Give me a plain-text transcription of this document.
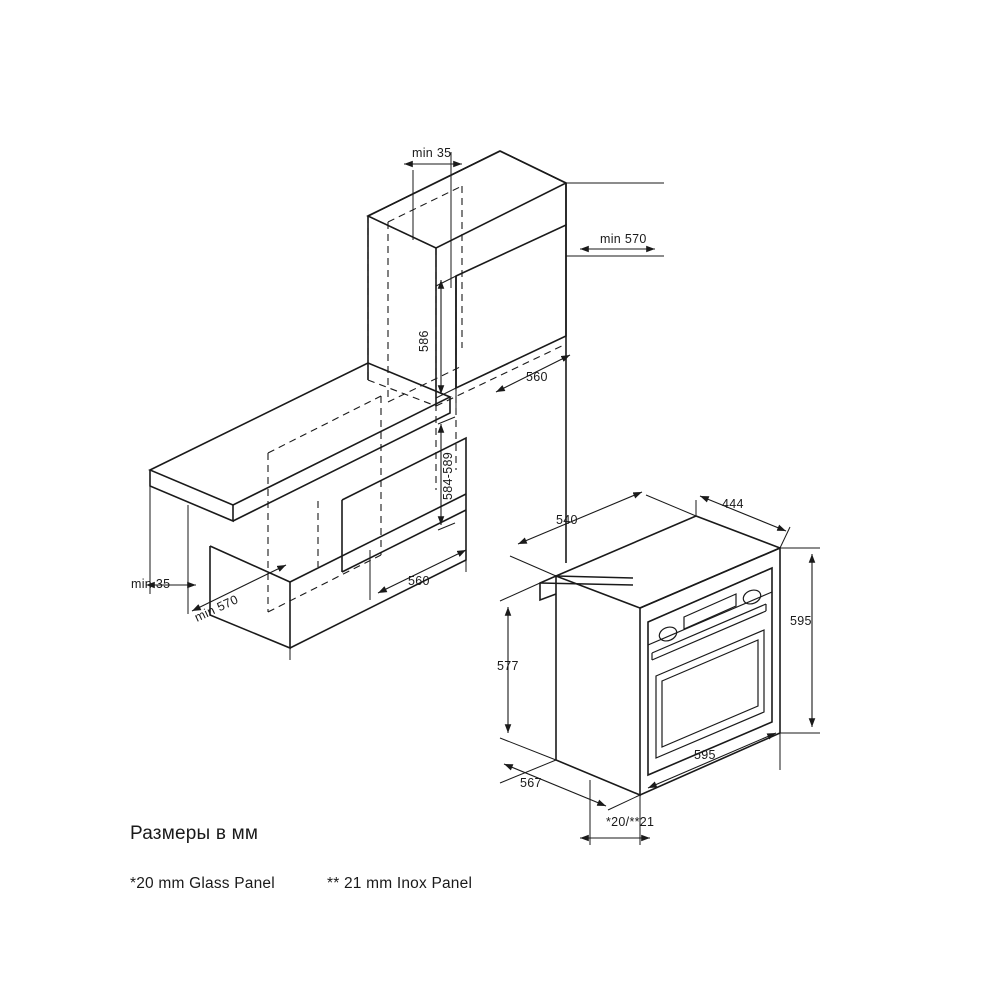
min 35
min 570
586
560
584-589
560
min 35
min 570
540
444
595
577
595
567
*20/**21
Размеры в мм
*20 mm Glass Panel	** 21 mm Inox Panel
